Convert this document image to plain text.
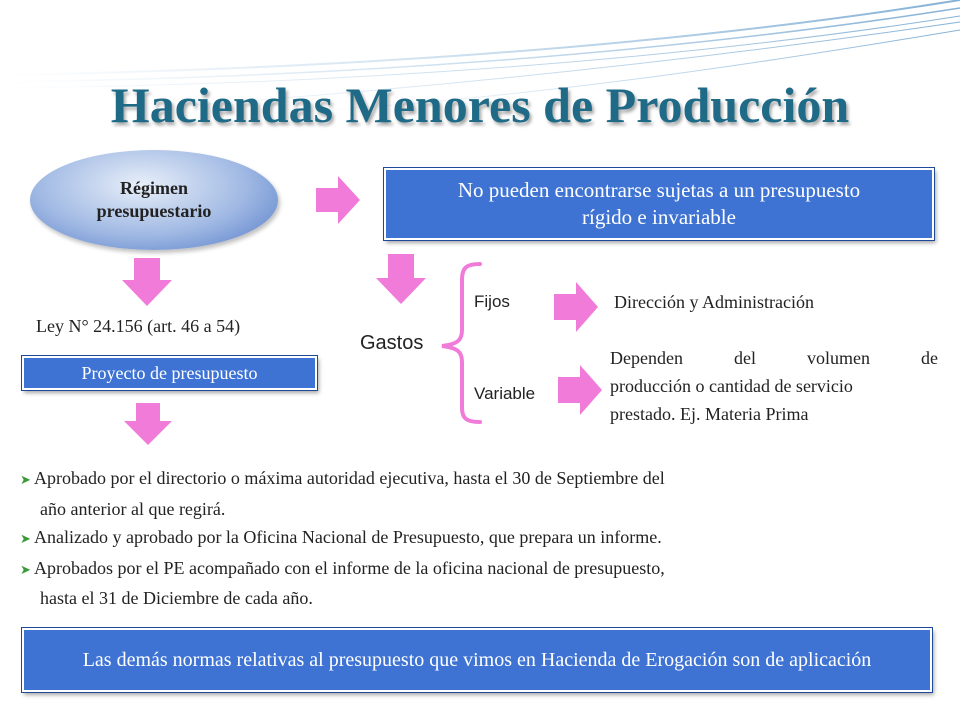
Haciendas Menores de Producción
Régimen
presupuestario
No pueden encontrarse sujetas a un presupuesto
rígido e invariable
Ley N° 24.156 (art. 46 a 54)
Proyecto de presupuesto
Gastos
Fijos
Variable
Dirección y Administración
Dependen del volumen de
producción o cantidad de servicio
prestado. Ej. Materia Prima
➤ Aprobado por el directorio o máxima autoridad ejecutiva, hasta el 30 de Septiembre del
año anterior al que regirá.
➤ Analizado y aprobado por la Oficina Nacional de Presupuesto, que prepara un informe.
➤ Aprobados por el PE acompañado con el informe de la oficina nacional de presupuesto,
hasta el 31 de Diciembre de cada año.
Las demás normas relativas al presupuesto que vimos en Hacienda de Erogación son de aplicación
